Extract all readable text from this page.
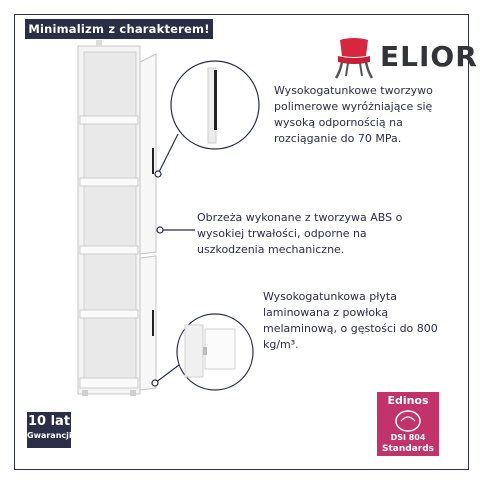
Minimalizm z charakterem!
ELIOR
Wysokogatunkowe tworzywo polimerowe wyróżniające się wysoką odpornością na rozciąganie do 70 MPa.
Obrzeża wykonane z tworzywa ABS o wysokiej trwałości, odporne na uszkodzenia mechaniczne.
Wysokogatunkowa płyta laminowana z powłoką melaminową, o gęstości do 800 kg/m³.
10 lat
Gwarancji
Edinos
DSI 804
Standards
